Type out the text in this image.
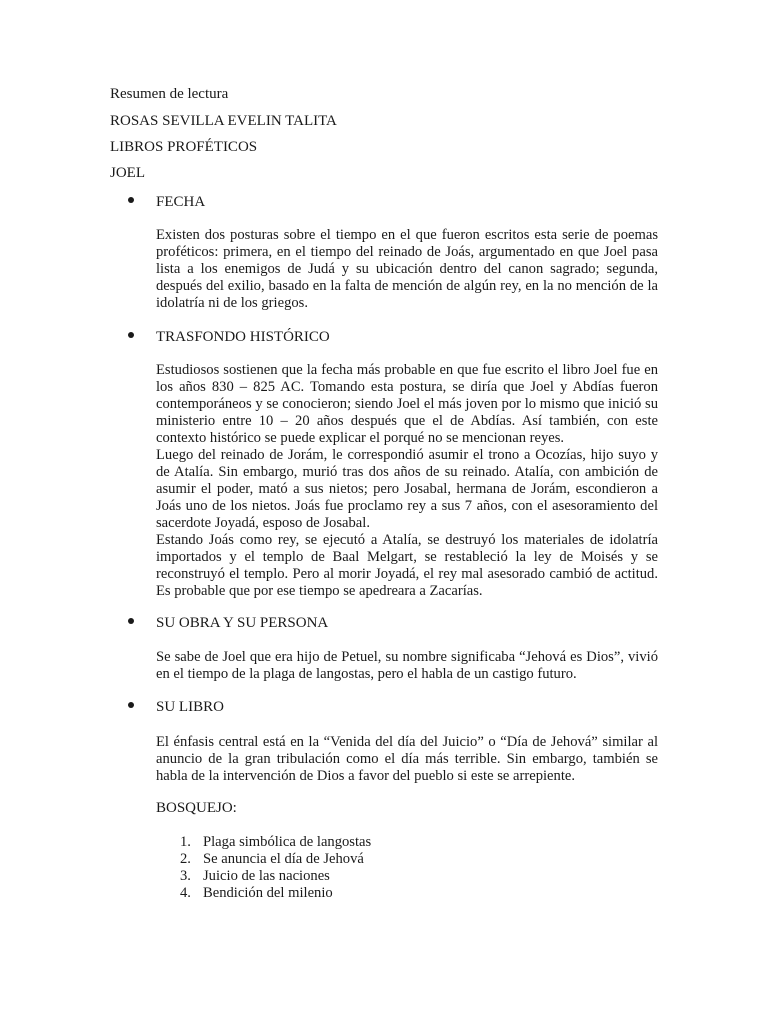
Resumen de lectura
ROSAS SEVILLA EVELIN TALITA
LIBROS PROFÉTICOS
JOEL
FECHA

Existen dos posturas sobre el tiempo en el que fueron escritos esta serie de poemas proféticos: primera, en el tiempo del reinado de Joás, argumentado en que Joel pasa lista a los enemigos de Judá y su ubicación dentro del canon sagrado; segunda, después del exilio, basado en la falta de mención de algún rey, en la no mención de la idolatría ni de los griegos.

TRASFONDO HISTÓRICO

Estudiosos sostienen que la fecha más probable en que fue escrito el libro Joel fue en los años 830 – 825 AC. Tomando esta postura, se diría que Joel y Abdías fueron contemporáneos y se conocieron; siendo Joel el más joven por lo mismo que inició su ministerio entre 10 – 20 años después que el de Abdías. Así también, con este contexto histórico se puede explicar el porqué no se mencionan reyes.

Luego del reinado de Jorám, le correspondió asumir el trono a Ocozías, hijo suyo y de Atalía. Sin embargo, murió tras dos años de su reinado. Atalía, con ambición de asumir el poder, mató a sus nietos; pero Josabal, hermana de Jorám, escondieron a Joás uno de los nietos. Joás fue proclamo rey a sus 7 años, con el asesoramiento del sacerdote Joyadá, esposo de Josabal.

Estando Joás como rey, se ejecutó a Atalía, se destruyó los materiales de idolatría importados y el templo de Baal Melgart, se restableció la ley de Moisés y se reconstruyó el templo. Pero al morir Joyadá, el rey mal asesorado cambió de actitud. Es probable que por ese tiempo se apedreara a Zacarías.

SU OBRA Y SU PERSONA

Se sabe de Joel que era hijo de Petuel, su nombre significaba “Jehová es Dios”, vivió en el tiempo de la plaga de langostas, pero el habla de un castigo futuro.

SU LIBRO

El énfasis central está en la “Venida del día del Juicio” o “Día de Jehová” similar al anuncio de la gran tribulación como el día más terrible. Sin embargo, también se habla de la intervención de Dios a favor del pueblo si este se arrepiente.

BOSQUEJO:
1. Plaga simbólica de langostas
2. Se anuncia el día de Jehová
3. Juicio de las naciones
4. Bendición del milenio
